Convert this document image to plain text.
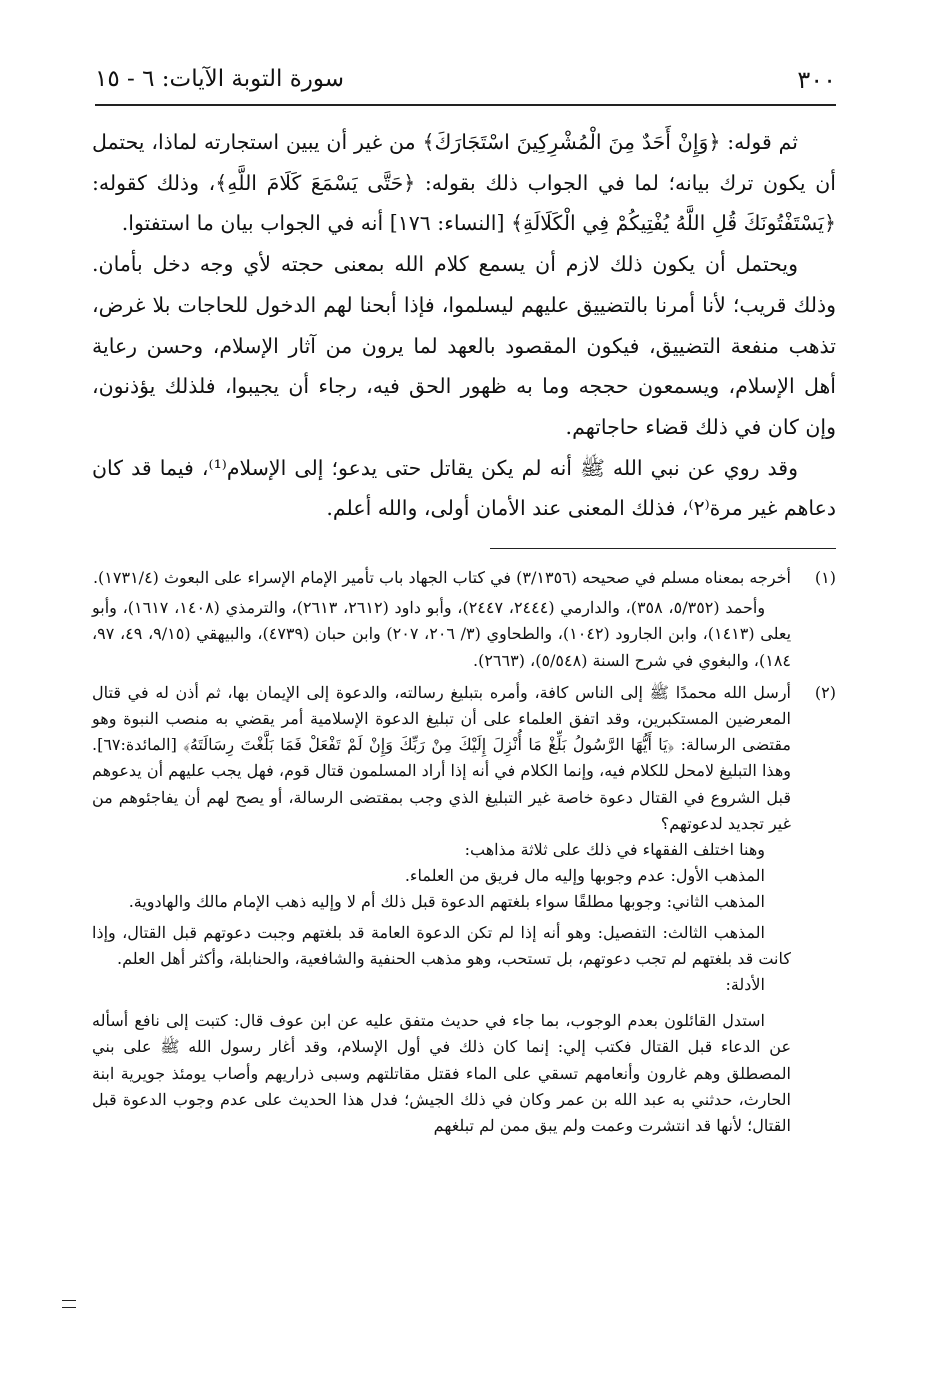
٣٠٠
سورة التوبة الآيات: ٦ - ١٥

ثم قوله: ﴿وَإِنْ أَحَدٌ مِنَ الْمُشْرِكِينَ اسْتَجَارَكَ﴾ من غير أن يبين استجارته لماذا، يحتمل أن يكون ترك بيانه؛ لما في الجواب ذلك بقوله: ﴿حَتَّى يَسْمَعَ كَلَامَ اللَّهِ﴾، وذلك كقوله: ﴿يَسْتَفْتُونَكَ قُلِ اللَّهُ يُفْتِيكُمْ فِي الْكَلَالَةِ﴾ [النساء: ١٧٦] أنه في الجواب بيان ما استفتوا.

ويحتمل أن يكون ذلك لازم أن يسمع كلام الله بمعنى حجته لأي وجه دخل بأمان. وذلك قريب؛ لأنا أمرنا بالتضييق عليهم ليسلموا، فإذا أبحنا لهم الدخول للحاجات بلا غرض، تذهب منفعة التضييق، فيكون المقصود بالعهد لما يرون من آثار الإسلام، وحسن رعاية أهل الإسلام، ويسمعون حججه وما به ظهور الحق فيه، رجاء أن يجيبوا، فلذلك يؤذنون، وإن كان في ذلك قضاء حاجاتهم.

وقد روي عن نبي الله ﷺ أنه لم يكن يقاتل حتى يدعو؛ إلى الإسلام⁽¹⁾، فيما قد كان دعاهم غير مرة⁽٢⁾، فذلك المعنى عند الأمان أولى، والله أعلم.

(١)

أخرجه بمعناه مسلم في صحيحه (٣/١٣٥٦) في كتاب الجهاد باب تأمير الإمام الإسراء على البعوث (١٧٣١/٤).

وأحمد (٥/٣٥٢، ٣٥٨)، والدارمي (٢٤٤٤، ٢٤٤٧)، وأبو داود (٢٦١٢، ٢٦١٣)، والترمذي (١٤٠٨، ١٦١٧)، وأبو يعلى (١٤١٣)، وابن الجارود (١٠٤٢)، والطحاوي (٣/ ٢٠٦، ٢٠٧) وابن حبان (٤٧٣٩)، والبيهقي (٩/١٥، ٤٩، ٩٧، ١٨٤)، والبغوي في شرح السنة (٥/٥٤٨)، (٢٦٦٣).

(٢)

أرسل الله محمدًا ﷺ إلى الناس كافة، وأمره بتبليغ رسالته، والدعوة إلى الإيمان بها، ثم أذن له في قتال المعرضين المستكبرين، وقد اتفق العلماء على أن تبليغ الدعوة الإسلامية أمر يقضي به منصب النبوة وهو مقتضى الرسالة: ﴿يَا أَيُّهَا الرَّسُولُ بَلِّغْ مَا أُنْزِلَ إِلَيْكَ مِنْ رَبِّكَ وَإِنْ لَمْ تَفْعَلْ فَمَا بَلَّغْتَ رِسَالَتَهُ﴾ [المائدة:٦٧]. وهذا التبليغ لامحل للكلام فيه، وإنما الكلام في أنه إذا أراد المسلمون قتال قوم، فهل يجب عليهم أن يدعوهم قبل الشروع في القتال دعوة خاصة غير التبليغ الذي وجب بمقتضى الرسالة، أو يصح لهم أن يفاجئوهم من غير تجديد لدعوتهم؟

وهنا اختلف الفقهاء في ذلك على ثلاثة مذاهب:

المذهب الأول: عدم وجوبها وإليه مال فريق من العلماء.

المذهب الثاني: وجوبها مطلقًا سواء بلغتهم الدعوة قبل ذلك أم لا وإليه ذهب الإمام مالك والهادوية.

المذهب الثالث: التفصيل: وهو أنه إذا لم تكن الدعوة العامة قد بلغتهم وجبت دعوتهم قبل القتال، وإذا كانت قد بلغتهم لم تجب دعوتهم، بل تستحب، وهو مذهب الحنفية والشافعية، والحنابلة، وأكثر أهل العلم.

الأدلة:

استدل القائلون بعدم الوجوب، بما جاء في حديث متفق عليه عن ابن عوف قال: كتبت إلى نافع أسأله عن الدعاء قبل القتال فكتب إلي: إنما كان ذلك في أول الإسلام، وقد أغار رسول الله ﷺ على بني المصطلق وهم غارون وأنعامهم تسقي على الماء فقتل مقاتلتهم وسبى ذراريهم وأصاب يومئذ جويرية ابنة الحارث، حدثني به عبد الله بن عمر وكان في ذلك الجيش؛ فدل هذا الحديث على عدم وجوب الدعوة قبل القتال؛ لأنها قد انتشرت وعمت ولم يبق ممن لم تبلغهم
